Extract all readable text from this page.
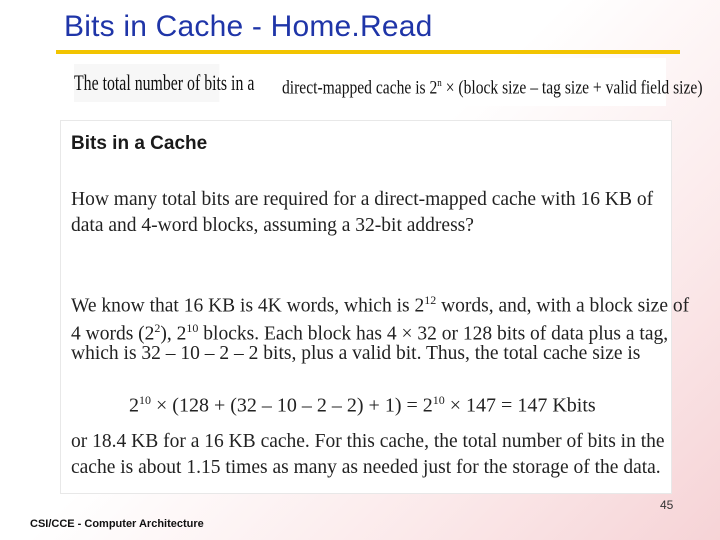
Bits in Cache - Home.Read
The total number of bits in a direct-mapped cache is $2^n$ × (block size – tag size + valid field size)
Bits in a Cache
How many total bits are required for a direct-mapped cache with 16 KB of
data and 4-word blocks, assuming a 32-bit address?
We know that 16 KB is 4K words, which is $2^{12}$ words, and, with a block size of
4 words $(2^2)$, $2^{10}$ blocks. Each block has 4 × 32 or 128 bits of data plus a tag,
which is 32 – 10 – 2 – 2 bits, plus a valid bit. Thus, the total cache size is
$2^{10} \times (128 + (32 - 10 - 2 - 2) + 1) = 2^{10} \times 147 = 147$ Kbits
or 18.4 KB for a 16 KB cache. For this cache, the total number of bits in the
cache is about 1.15 times as many as needed just for the storage of the data.
45
CSI/CCE - Computer Architecture
